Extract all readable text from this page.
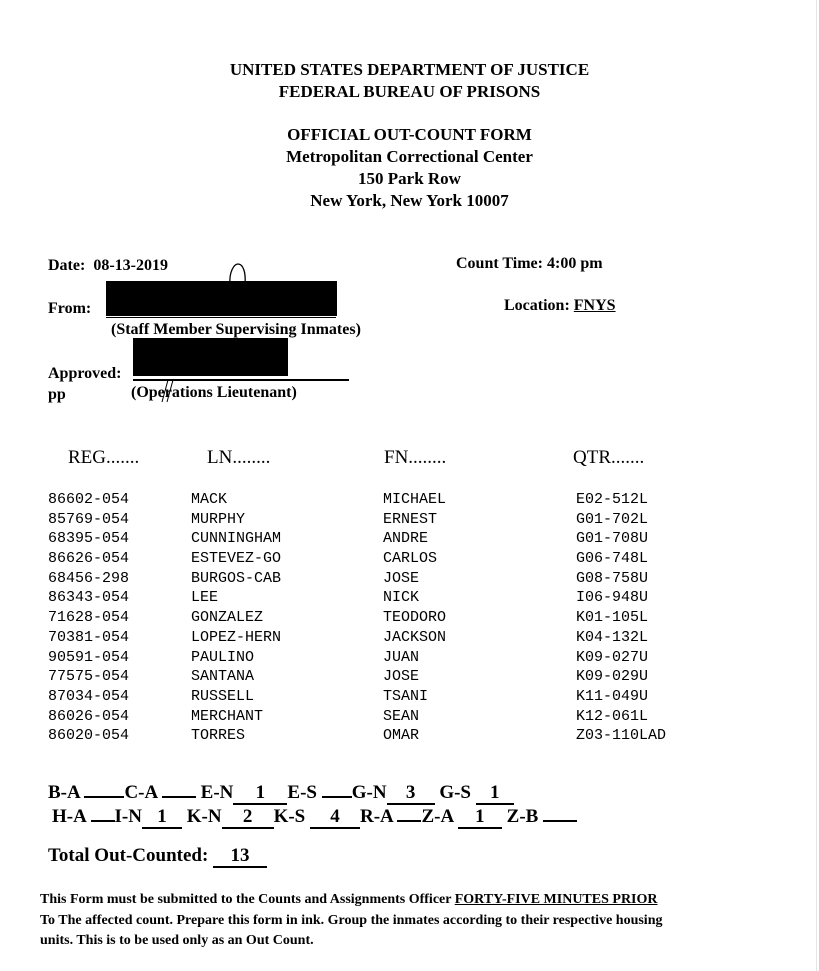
UNITED STATES DEPARTMENT OF JUSTICE
FEDERAL BUREAU OF PRISONS
OFFICIAL OUT-COUNT FORM
Metropolitan Correctional Center
150 Park Row
New York, New York 10007
Date: 08-13-2019	Count Time: 4:00 pm
From:	Location: FNYS
(Staff Member Supervising Inmates)
Approved:
pp	(Operations Lieutenant)
REG.......	LN........	FN........	QTR.......
86602-054	MACK	MICHAEL	E02-512L
85769-054	MURPHY	ERNEST	G01-702L
68395-054	CUNNINGHAM	ANDRE	G01-708U
86626-054	ESTEVEZ-GO	CARLOS	G06-748L
68456-298	BURGOS-CAB	JOSE	G08-758U
86343-054	LEE	NICK	I06-948U
71628-054	GONZALEZ	TEODORO	K01-105L
70381-054	LOPEZ-HERN	JACKSON	K04-132L
90591-054	PAULINO	JUAN	K09-027U
77575-054	SANTANA	JOSE	K09-029U
87034-054	RUSSELL	TSANI	K11-049U
86026-054	MERCHANT	SEAN	K12-061L
86020-054	TORRES	OMAR	Z03-110LAD
B-A C-A E-N 1 E-S G-N 3 G-S 1
H-A I-N 1 K-N 2 K-S 4 R-A Z-A 1 Z-B
Total Out-Counted: 13
This Form must be submitted to the Counts and Assignments Officer FORTY-FIVE MINUTES PRIOR
To The affected count. Prepare this form in ink. Group the inmates according to their respective housing
units. This is to be used only as an Out Count.
